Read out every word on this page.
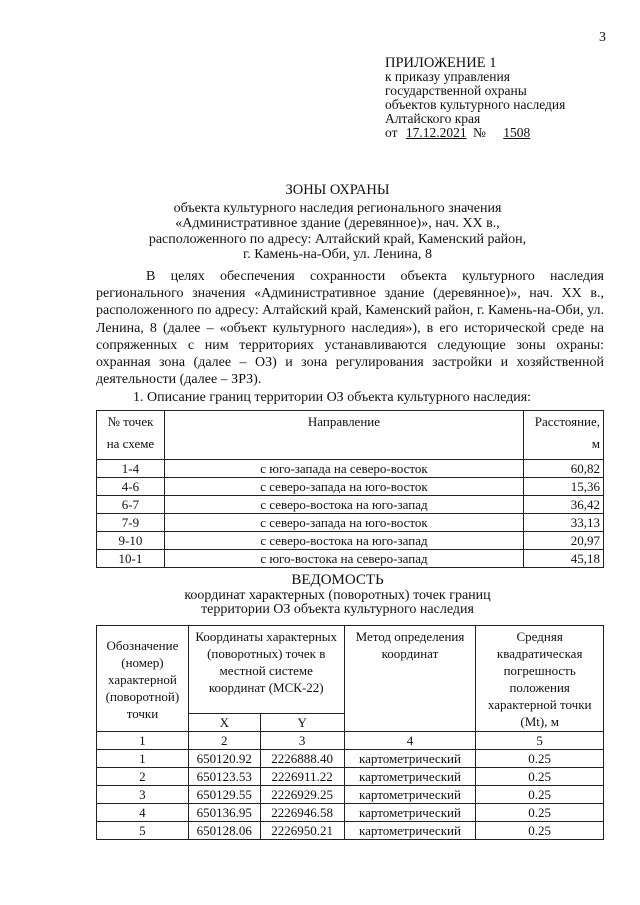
3
ПРИЛОЖЕНИЕ 1
к приказу управления
государственной охраны
объектов культурного наследия
Алтайского края
от 17.12.2021 № 1508
ЗОНЫ ОХРАНЫ
объекта культурного наследия регионального значения
«Административное здание (деревянное)», нач. XX в.,
расположенного по адресу: Алтайский край, Каменский район,
г. Камень-на-Оби, ул. Ленина, 8

В целях обеспечения сохранности объекта культурного наследия регионального значения «Административное здание (деревянное)», нач. XX в., расположенного по адресу: Алтайский край, Каменский район, г. Камень-на-Оби, ул. Ленина, 8 (далее – «объект культурного наследия»), в его исторической среде на сопряженных с ним территориях устанавливаются следующие зоны охраны: охранная зона (далее – ОЗ) и зона регулирования застройки и хозяйственной деятельности (далее – ЗРЗ).

1. Описание границ территории ОЗ объекта культурного наследия:
№ точек на схеме	Направление	Расстояние, м
1-4	с юго-запада на северо-восток	60,82
4-6	с северо-запада на юго-восток	15,36
6-7	с северо-востока на юго-запад	36,42
7-9	с северо-запада на юго-восток	33,13
9-10	с северо-востока на юго-запад	20,97
10-1	с юго-востока на северо-запад	45,18
ВЕДОМОСТЬ
координат характерных (поворотных) точек границ
территории ОЗ объекта культурного наследия
Обозначение (номер) характерной (поворотной) точки	Координаты характерных (поворотных) точек в местной системе координат (МСК-22)		Метод определения координат	Средняя квадратическая погрешность положения характерной точки (Mt), м
	X	Y		
1	2	3	4	5
1	650120.92	2226888.40	картометрический	0.25
2	650123.53	2226911.22	картометрический	0.25
3	650129.55	2226929.25	картометрический	0.25
4	650136.95	2226946.58	картометрический	0.25
5	650128.06	2226950.21	картометрический	0.25
